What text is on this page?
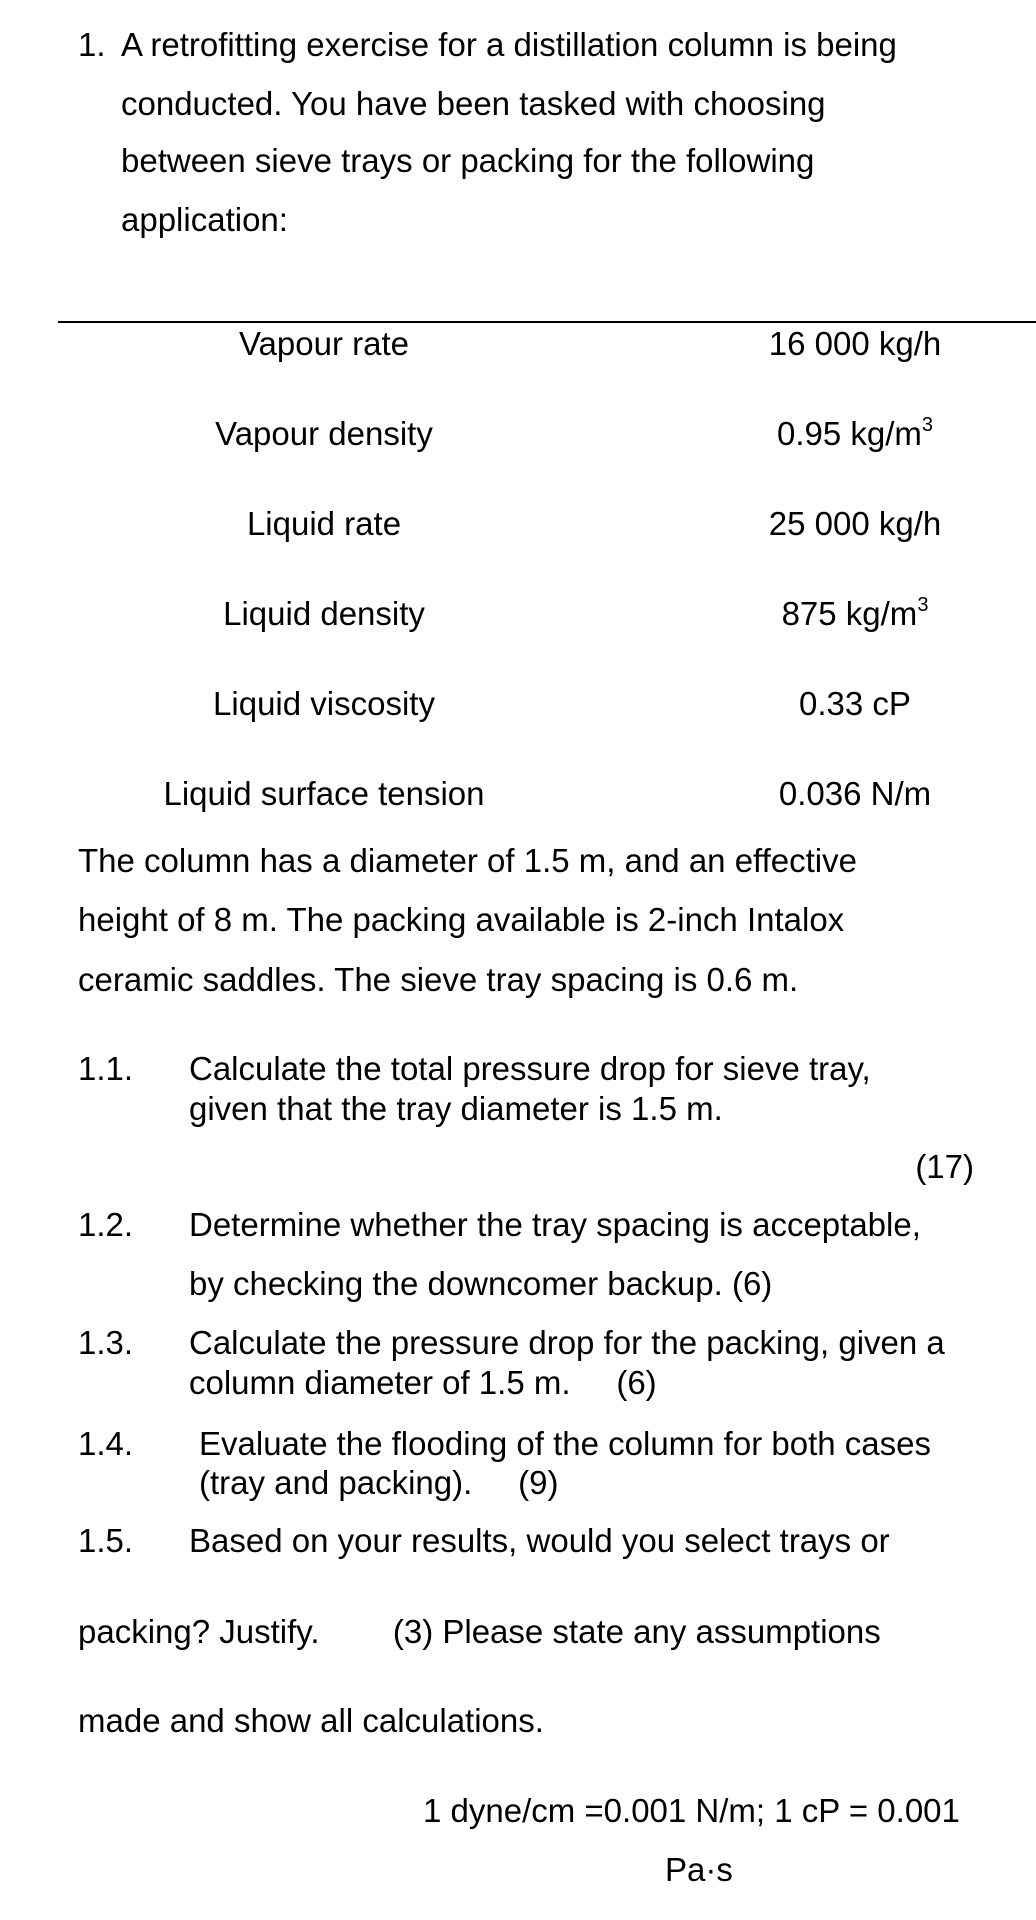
1. A retrofitting exercise for a distillation column is being
conducted. You have been tasked with choosing
between sieve trays or packing for the following
application:
Vapour rate	16 000 kg/h
Vapour density	0.95 $kg/m^3$
Liquid rate	25 000 kg/h
Liquid density	875 $kg/m^3$
Liquid viscosity	0.33 cP
Liquid surface tension	0.036 N/m
The column has a diameter of 1.5 m, and an effective
height of 8 m. The packing available is 2-inch Intalox
ceramic saddles. The sieve tray spacing is 0.6 m.
1.1. Calculate the total pressure drop for sieve tray,
given that the tray diameter is 1.5 m.
(17)
1.2. Determine whether the tray spacing is acceptable,
by checking the downcomer backup. (6)
1.3. Calculate the pressure drop for the packing, given a
column diameter of 1.5 m.     (6)
1.4. Evaluate the flooding of the column for both cases
(tray and packing).     (9)
1.5. Based on your results, would you select trays or
packing? Justify.        (3) Please state any assumptions
made and show all calculations.
1 dyne/cm =0.001 N/m; 1 cP = 0.001
Pa·s
